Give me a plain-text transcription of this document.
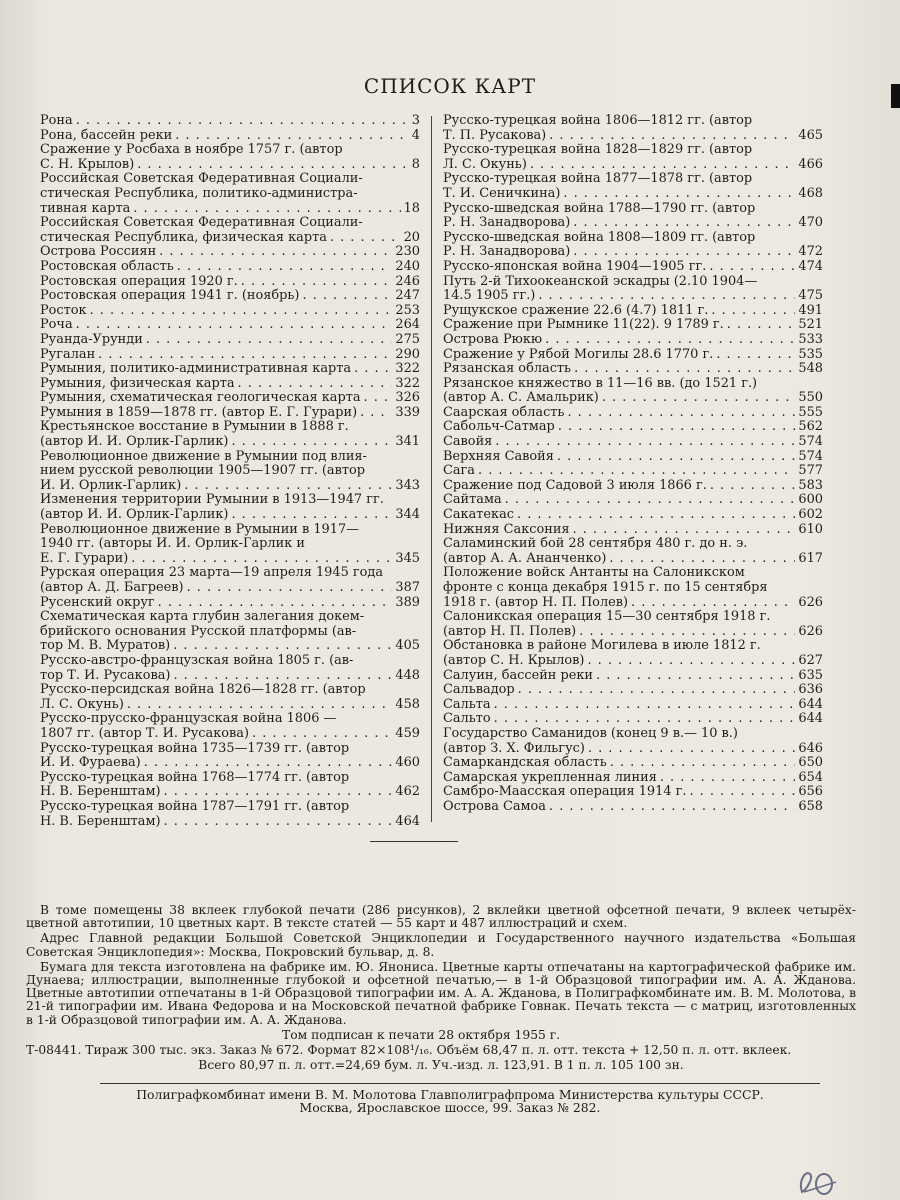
СПИСОК КАРТ
Рона . . .	3
Рона, бассейн реки . . .	4
Сражение у Росбаха в ноябре 1757 г. (автор
С. Н. Крылов) . . .	8
Российская Советская Федеративная Социали-
стическая Республика, политико-администра-
тивная карта . . .	18
Российская Советская Федеративная Социали-
стическая Республика, физическая карта . . .	20
Острова Россиян . . .	230
Ростовская область . . .	240
Ростовская операция 1920 г. . . .	246
Ростовская операция 1941 г. (ноябрь) . . .	247
Росток . . .	253
Роча . . .	264
Руанда-Урунди . . .	275
Ругалан . . .	290
Румыния, политико-административная карта . . .	322
Румыния, физическая карта . . .	322
Румыния, схематическая геологическая карта . . .	326
Румыния в 1859—1878 гг. (автор Е. Г. Гурари) . . .	339
Крестьянское восстание в Румынии в 1888 г.
(автор И. И. Орлик-Гарлик) . . .	341
Революционное движение в Румынии под влия-
нием русской революции 1905—1907 гг. (автор
И. И. Орлик-Гарлик) . . .	343
Изменения территории Румынии в 1913—1947 гг.
(автор И. И. Орлик-Гарлик) . . .	344
Революционное движение в Румынии в 1917—
1940 гг. (авторы И. И. Орлик-Гарлик и
Е. Г. Гурари) . . .	345
Рурская операция 23 марта—19 апреля 1945 года
(автор А. Д. Багреев) . . .	387
Русенский округ . . .	389
Схематическая карта глубин залегания докем-
брийского основания Русской платформы (ав-
тор М. В. Муратов) . . .	405
Русско-австро-французская война 1805 г. (ав-
тор Т. И. Русакова) . . .	448
Русско-персидская война 1826—1828 гг. (автор
Л. С. Окунь) . . .	458
Русско-прусско-французская война 1806 —
1807 гг. (автор Т. И. Русакова) . . .	459
Русско-турецкая война 1735—1739 гг. (автор
И. И. Фураева) . . .	460
Русско-турецкая война 1768—1774 гг. (автор
Н. В. Беренштам) . . .	462
Русско-турецкая война 1787—1791 гг. (автор
Н. В. Беренштам) . . .	464
Русско-турецкая война 1806—1812 гг. (автор
Т. П. Русакова) . . .	465
Русско-турецкая война 1828—1829 гг. (автор
Л. С. Окунь) . . .	466
Русско-турецкая война 1877—1878 гг. (автор
Т. И. Сеничкина) . . .	468
Русско-шведская война 1788—1790 гг. (автор
Р. Н. Занадворова) . . .	470
Русско-шведская война 1808—1809 гг. (автор
Р. Н. Занадворова) . . .	472
Русско-японская война 1904—1905 гг. . . .	474
Путь 2-й Тихоокеанской эскадры (2.10 1904—
14.5 1905 гг.) . . .	475
Рущукское сражение 22.6 (4.7) 1811 г. . . .	491
Сражение при Рымнике 11(22). 9 1789 г. . . .	521
Острова Рюкю . . .	533
Сражение у Рябой Могилы 28.6 1770 г. . . .	535
Рязанская область . . .	548
Рязанское княжество в 11—16 вв. (до 1521 г.)
(автор А. С. Амальрик) . . .	550
Саарская область . . .	555
Сабольч-Сатмар . . .	562
Савойя . . .	574
Верхняя Савойя . . .	574
Сага . . .	577
Сражение под Садовой 3 июля 1866 г. . . .	583
Сайтама . . .	600
Сакатекас . . .	602
Нижняя Саксония . . .	610
Саламинский бой 28 сентября 480 г. до н. э.
(автор А. А. Ананченко) . . .	617
Положение войск Антанты на Салоникском
фронте с конца декабря 1915 г. по 15 сентября
1918 г. (автор Н. П. Полев) . . .	626
Салоникская операция 15—30 сентября 1918 г.
(автор Н. П. Полев) . . .	626
Обстановка в районе Могилева в июле 1812 г.
(автор С. Н. Крылов) . . .	627
Салуин, бассейн реки . . .	635
Сальвадор . . .	636
Сальта . . .	644
Сальто . . .	644
Государство Саманидов (конец 9 в.— 10 в.)
(автор З. Х. Фильгус) . . .	646
Самаркандская область . . .	650
Самарская укрепленная линия . . .	654
Самбро-Маасская операция 1914 г. . . .	656
Острова Самоа . . .	658

В томе помещены 38 вклеек глубокой печати (286 рисунков), 2 вклейки цветной офсетной печати, 9 вклеек четырёх-цветной автотипии, 10 цветных карт. В тексте статей — 55 карт и 487 иллюстраций и схем.

Адрес Главной редакции Большой Советской Энциклопедии и Государственного научного издательства «Большая Советская Энциклопедия»: Москва, Покровский бульвар, д. 8.

Бумага для текста изготовлена на фабрике им. Ю. Янониса. Цветные карты отпечатаны на картографической фабрике им. Дунаева; иллюстрации, выполненные глубокой и офсетной печатью,— в 1-й Образцовой типографии им. А. А. Жданова. Цветные автотипии отпечатаны в 1-й Образцовой типографии им. А. А. Жданова, в Полиграфкомбинате им. В. М. Молотова, в 21-й типографии им. Ивана Федорова и на Московской печатной фабрике Говнак. Печать текста — с матриц, изготовленных в 1-й Образцовой типографии им. А. А. Жданова.

Том подписан к печати 28 октября 1955 г.

Т-08441. Тираж 300 тыс. экз. Заказ № 672. Формат 82×108¹/₁₆. Объём 68,47 п. л. отт. текста + 12,50 п. л. отт. вклеек.

Всего 80,97 п. л. отт.=24,69 бум. л. Уч.-изд. л. 123,91. В 1 п. л. 105 100 зн.

Полиграфкомбинат имени В. М. Молотова Главполиграфпрома Министерства культуры СССР.
Москва, Ярославское шоссе, 99. Заказ № 282.
